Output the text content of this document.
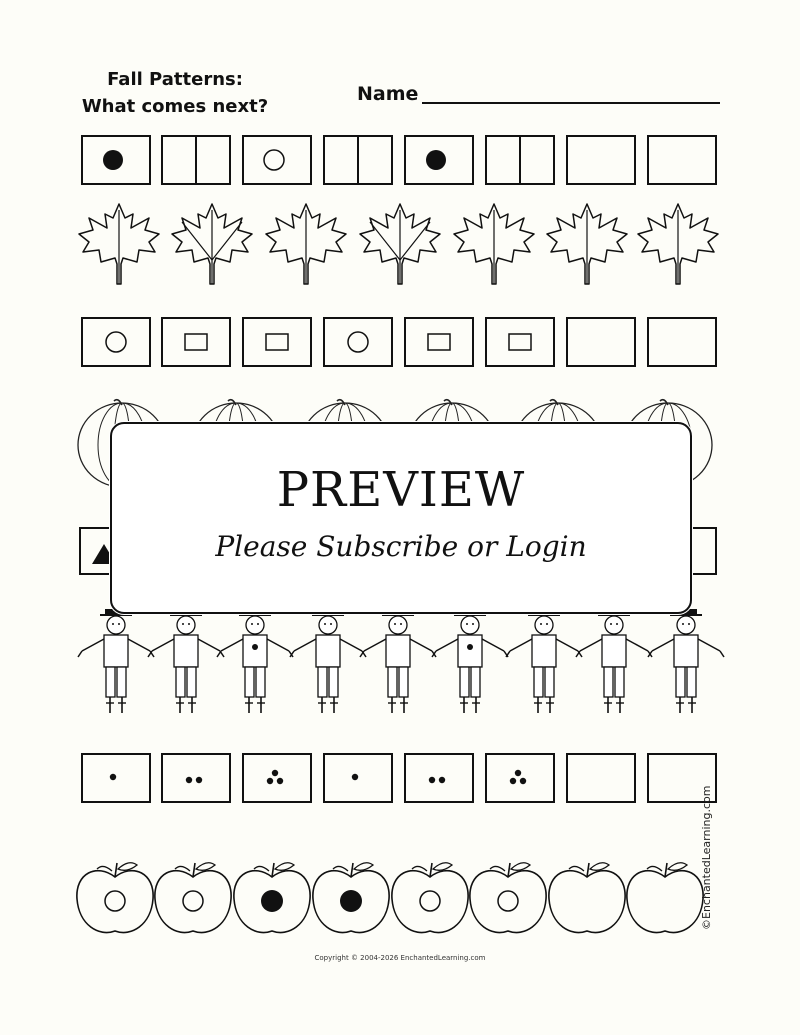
Fall Patterns:
What comes next?
Name
PREVIEW
Please Subscribe or Login
©EnchantedLearning.com
Copyright © 2004-2026 EnchantedLearning.com
